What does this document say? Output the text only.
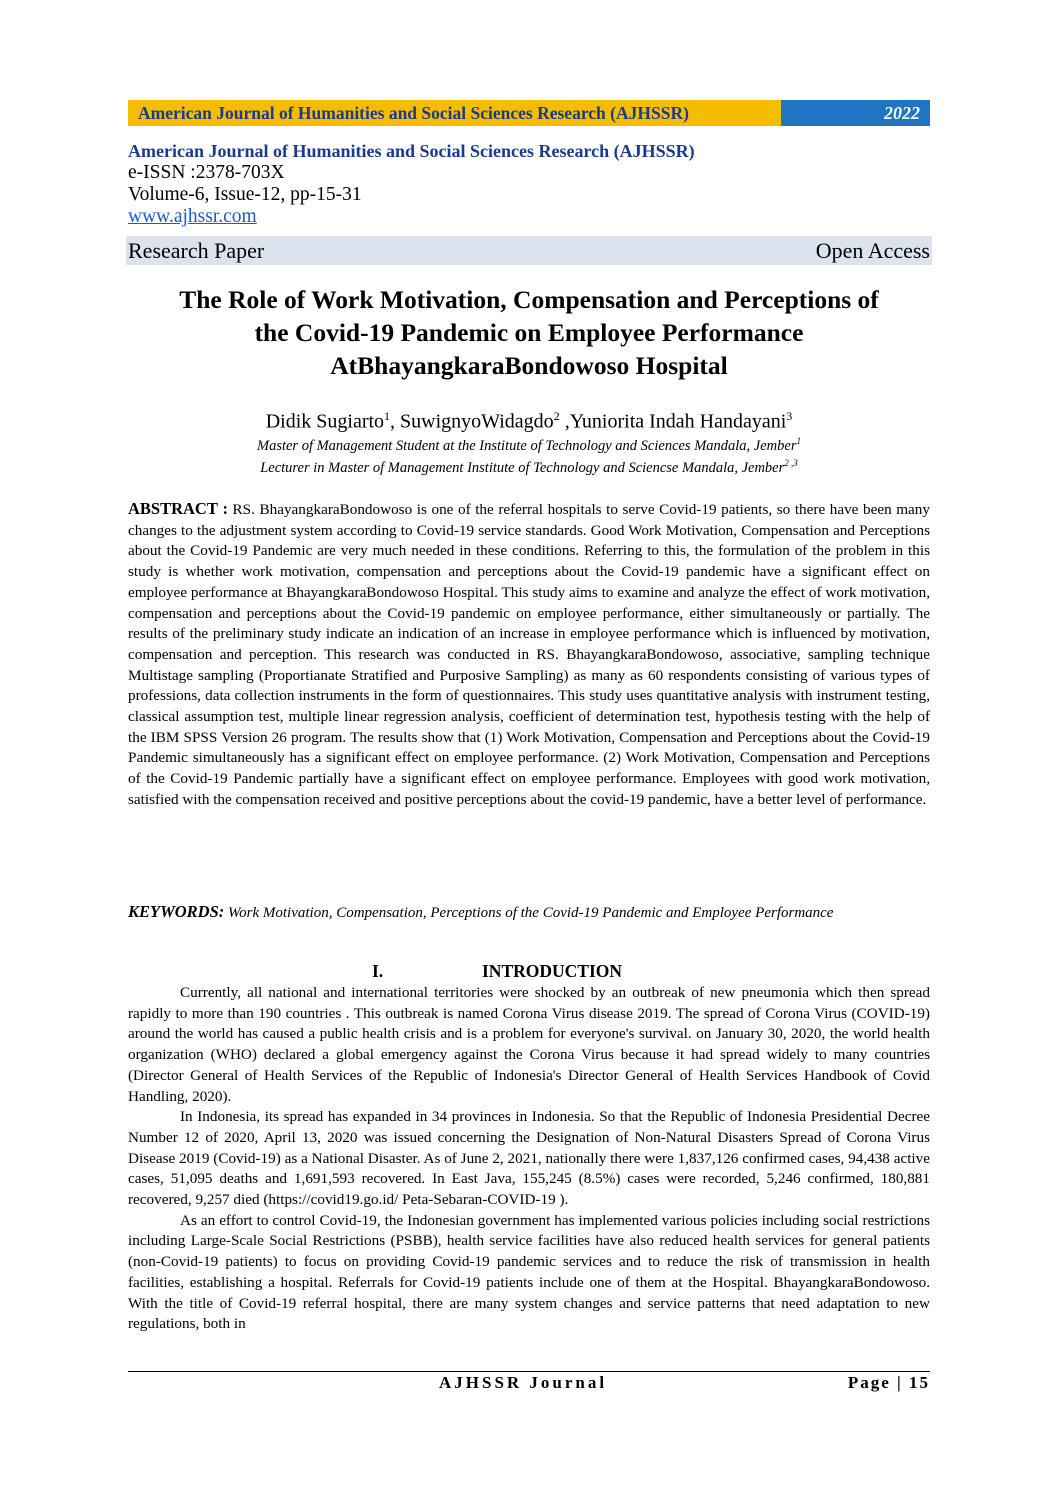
American Journal of Humanities and Social Sciences Research (AJHSSR)	2022
American Journal of Humanities and Social Sciences Research (AJHSSR)
e-ISSN :2378-703X
Volume-6, Issue-12, pp-15-31
www.ajhssr.com
Research Paper	Open Access
The Role of Work Motivation, Compensation and Perceptions of
the Covid-19 Pandemic on Employee Performance
AtBhayangkaraBondowoso Hospital
Didik Sugiarto$^1$, SuwignyoWidagdo$^2$ ,Yuniorita Indah Handayani$^3$
Master of Management Student at the Institute of Technology and Sciences Mandala, Jember$^1$
Lecturer in Master of Management Institute of Technology and Sciencse Mandala, Jember$^{2 ,3}$
ABSTRACT : RS. BhayangkaraBondowoso is one of the referral hospitals to serve Covid-19 patients, so there have been many changes to the adjustment system according to Covid-19 service standards. Good Work Motivation, Compensation and Perceptions about the Covid-19 Pandemic are very much needed in these conditions. Referring to this, the formulation of the problem in this study is whether work motivation, compensation and perceptions about the Covid-19 pandemic have a significant effect on employee performance at BhayangkaraBondowoso Hospital. This study aims to examine and analyze the effect of work motivation, compensation and perceptions about the Covid-19 pandemic on employee performance, either simultaneously or partially. The results of the preliminary study indicate an indication of an increase in employee performance which is influenced by motivation, compensation and perception. This research was conducted in RS. BhayangkaraBondowoso, associative, sampling technique Multistage sampling (Proportianate Stratified and Purposive Sampling) as many as 60 respondents consisting of various types of professions, data collection instruments in the form of questionnaires. This study uses quantitative analysis with instrument testing, classical assumption test, multiple linear regression analysis, coefficient of determination test, hypothesis testing with the help of the IBM SPSS Version 26 program. The results show that (1) Work Motivation, Compensation and Perceptions about the Covid-19 Pandemic simultaneously has a significant effect on employee performance. (2) Work Motivation, Compensation and Perceptions of the Covid-19 Pandemic partially have a significant effect on employee performance. Employees with good work motivation, satisfied with the compensation received and positive perceptions about the covid-19 pandemic, have a better level of performance.
KEYWORDS: Work Motivation, Compensation, Perceptions of the Covid-19 Pandemic and Employee Performance
I.	INTRODUCTION

Currently, all national and international territories were shocked by an outbreak of new pneumonia which then spread rapidly to more than 190 countries . This outbreak is named Corona Virus disease 2019. The spread of Corona Virus (COVID-19) around the world has caused a public health crisis and is a problem for everyone's survival. on January 30, 2020, the world health organization (WHO) declared a global emergency against the Corona Virus because it had spread widely to many countries (Director General of Health Services of the Republic of Indonesia's Director General of Health Services Handbook of Covid Handling, 2020).

In Indonesia, its spread has expanded in 34 provinces in Indonesia. So that the Republic of Indonesia Presidential Decree Number 12 of 2020, April 13, 2020 was issued concerning the Designation of Non-Natural Disasters Spread of Corona Virus Disease 2019 (Covid-19) as a National Disaster. As of June 2, 2021, nationally there were 1,837,126 confirmed cases, 94,438 active cases, 51,095 deaths and 1,691,593 recovered. In East Java, 155,245 (8.5%) cases were recorded, 5,246 confirmed, 180,881 recovered, 9,257 died (https://covid19.go.id/ Peta-Sebaran-COVID-19 ).

As an effort to control Covid-19, the Indonesian government has implemented various policies including social restrictions including Large-Scale Social Restrictions (PSBB), health service facilities have also reduced health services for general patients (non-Covid-19 patients) to focus on providing Covid-19 pandemic services and to reduce the risk of transmission in health facilities, establishing a hospital. Referrals for Covid-19 patients include one of them at the Hospital. BhayangkaraBondowoso. With the title of Covid-19 referral hospital, there are many system changes and service patterns that need adaptation to new regulations, both in

AJHSSR Journal	Page | 15
